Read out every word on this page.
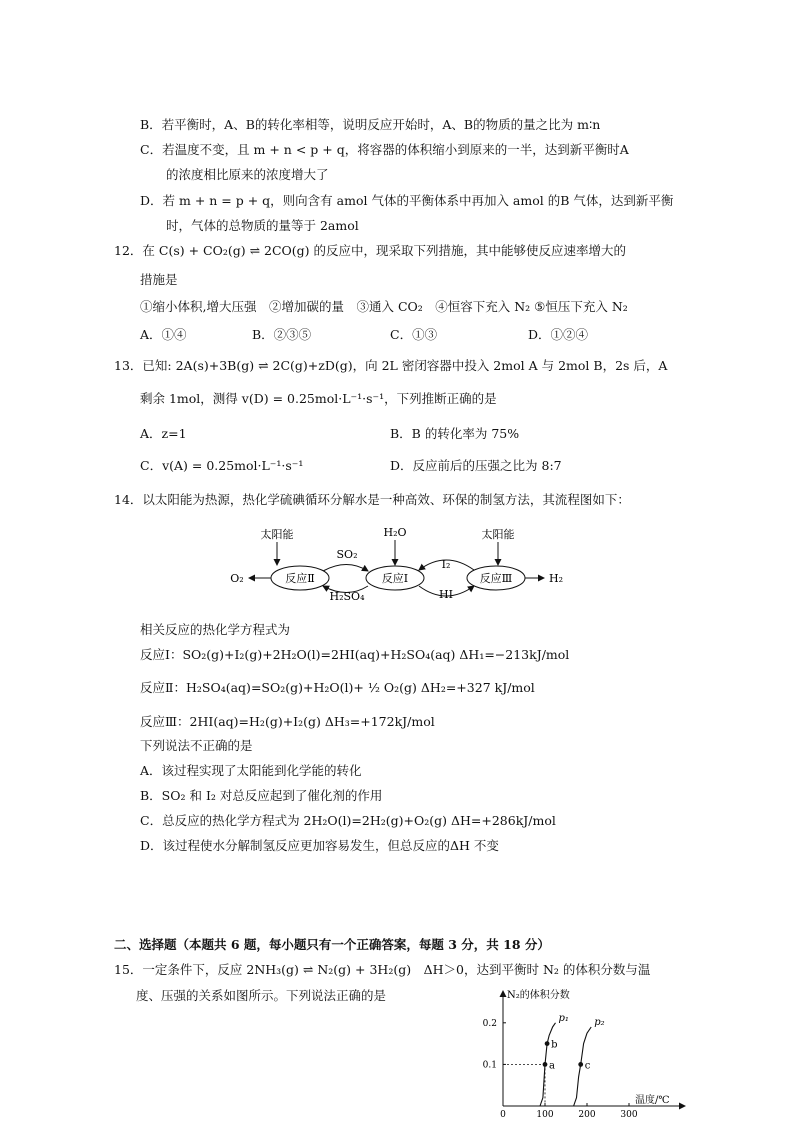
B．若平衡时，A、B的转化率相等，说明反应开始时，A、B的物质的量之比为 m∶n
C．若温度不变，且 m + n < p + q，将容器的体积缩小到原来的一半，达到新平衡时A
的浓度相比原来的浓度增大了
D．若 m + n = p + q，则向含有 amol 气体的平衡体系中再加入 amol 的B 气体，达到新平衡
时，气体的总物质的量等于 2amol
12．在 C(s) + CO₂(g) ⇌ 2CO(g) 的反应中，现采取下列措施，其中能够使反应速率增大的
措施是
①缩小体积,增大压强　②增加碳的量　③通入 CO₂　④恒容下充入 N₂ ⑤恒压下充入 N₂
A．①④	B．②③⑤	C．①③	D．①②④
13．已知: 2A(s)+3B(g) ⇌ 2C(g)+zD(g)，向 2L 密闭容器中投入 2mol A 与 2mol B，2s 后，A
剩余 1mol，测得 v(D) = 0.25mol·L⁻¹·s⁻¹，下列推断正确的是
A．z=1	B．B 的转化率为 75%
C．v(A) = 0.25mol·L⁻¹·s⁻¹	D．反应前后的压强之比为 8:7
14．以太阳能为热源，热化学硫碘循环分解水是一种高效、环保的制氢方法，其流程图如下：
太阳能	H₂O	太阳能
反应Ⅱ	反应Ⅰ	反应Ⅲ
O₂	H₂
SO₂
H₂SO₄
I₂
HI
相关反应的热化学方程式为
反应Ⅰ：SO₂(g)+I₂(g)+2H₂O(l)=2HI(aq)+H₂SO₄(aq) ΔH₁=−213kJ/mol
反应Ⅱ：H₂SO₄(aq)=SO₂(g)+H₂O(l)+ ½ O₂(g) ΔH₂=+327 kJ/mol
反应Ⅲ：2HI(aq)=H₂(g)+I₂(g) ΔH₃=+172kJ/mol
下列说法不正确的是
A．该过程实现了太阳能到化学能的转化
B．SO₂ 和 I₂ 对总反应起到了催化剂的作用
C．总反应的热化学方程式为 2H₂O(l)=2H₂(g)+O₂(g) ΔH=+286kJ/mol
D．该过程使水分解制氢反应更加容易发生，但总反应的ΔH 不变
二、选择题（本题共 6 题，每小题只有一个正确答案，每题 3 分，共 18 分）
15．一定条件下，反应 2NH₃(g) ⇌ N₂(g) + 3H₂(g)　ΔH＞0，达到平衡时 N₂ 的体积分数与温
度、压强的关系如图所示。下列说法正确的是	N₂的体积分数
温度/℃
0	100	200	300
0.1
0.2
p₁	p₂
a
b
c
